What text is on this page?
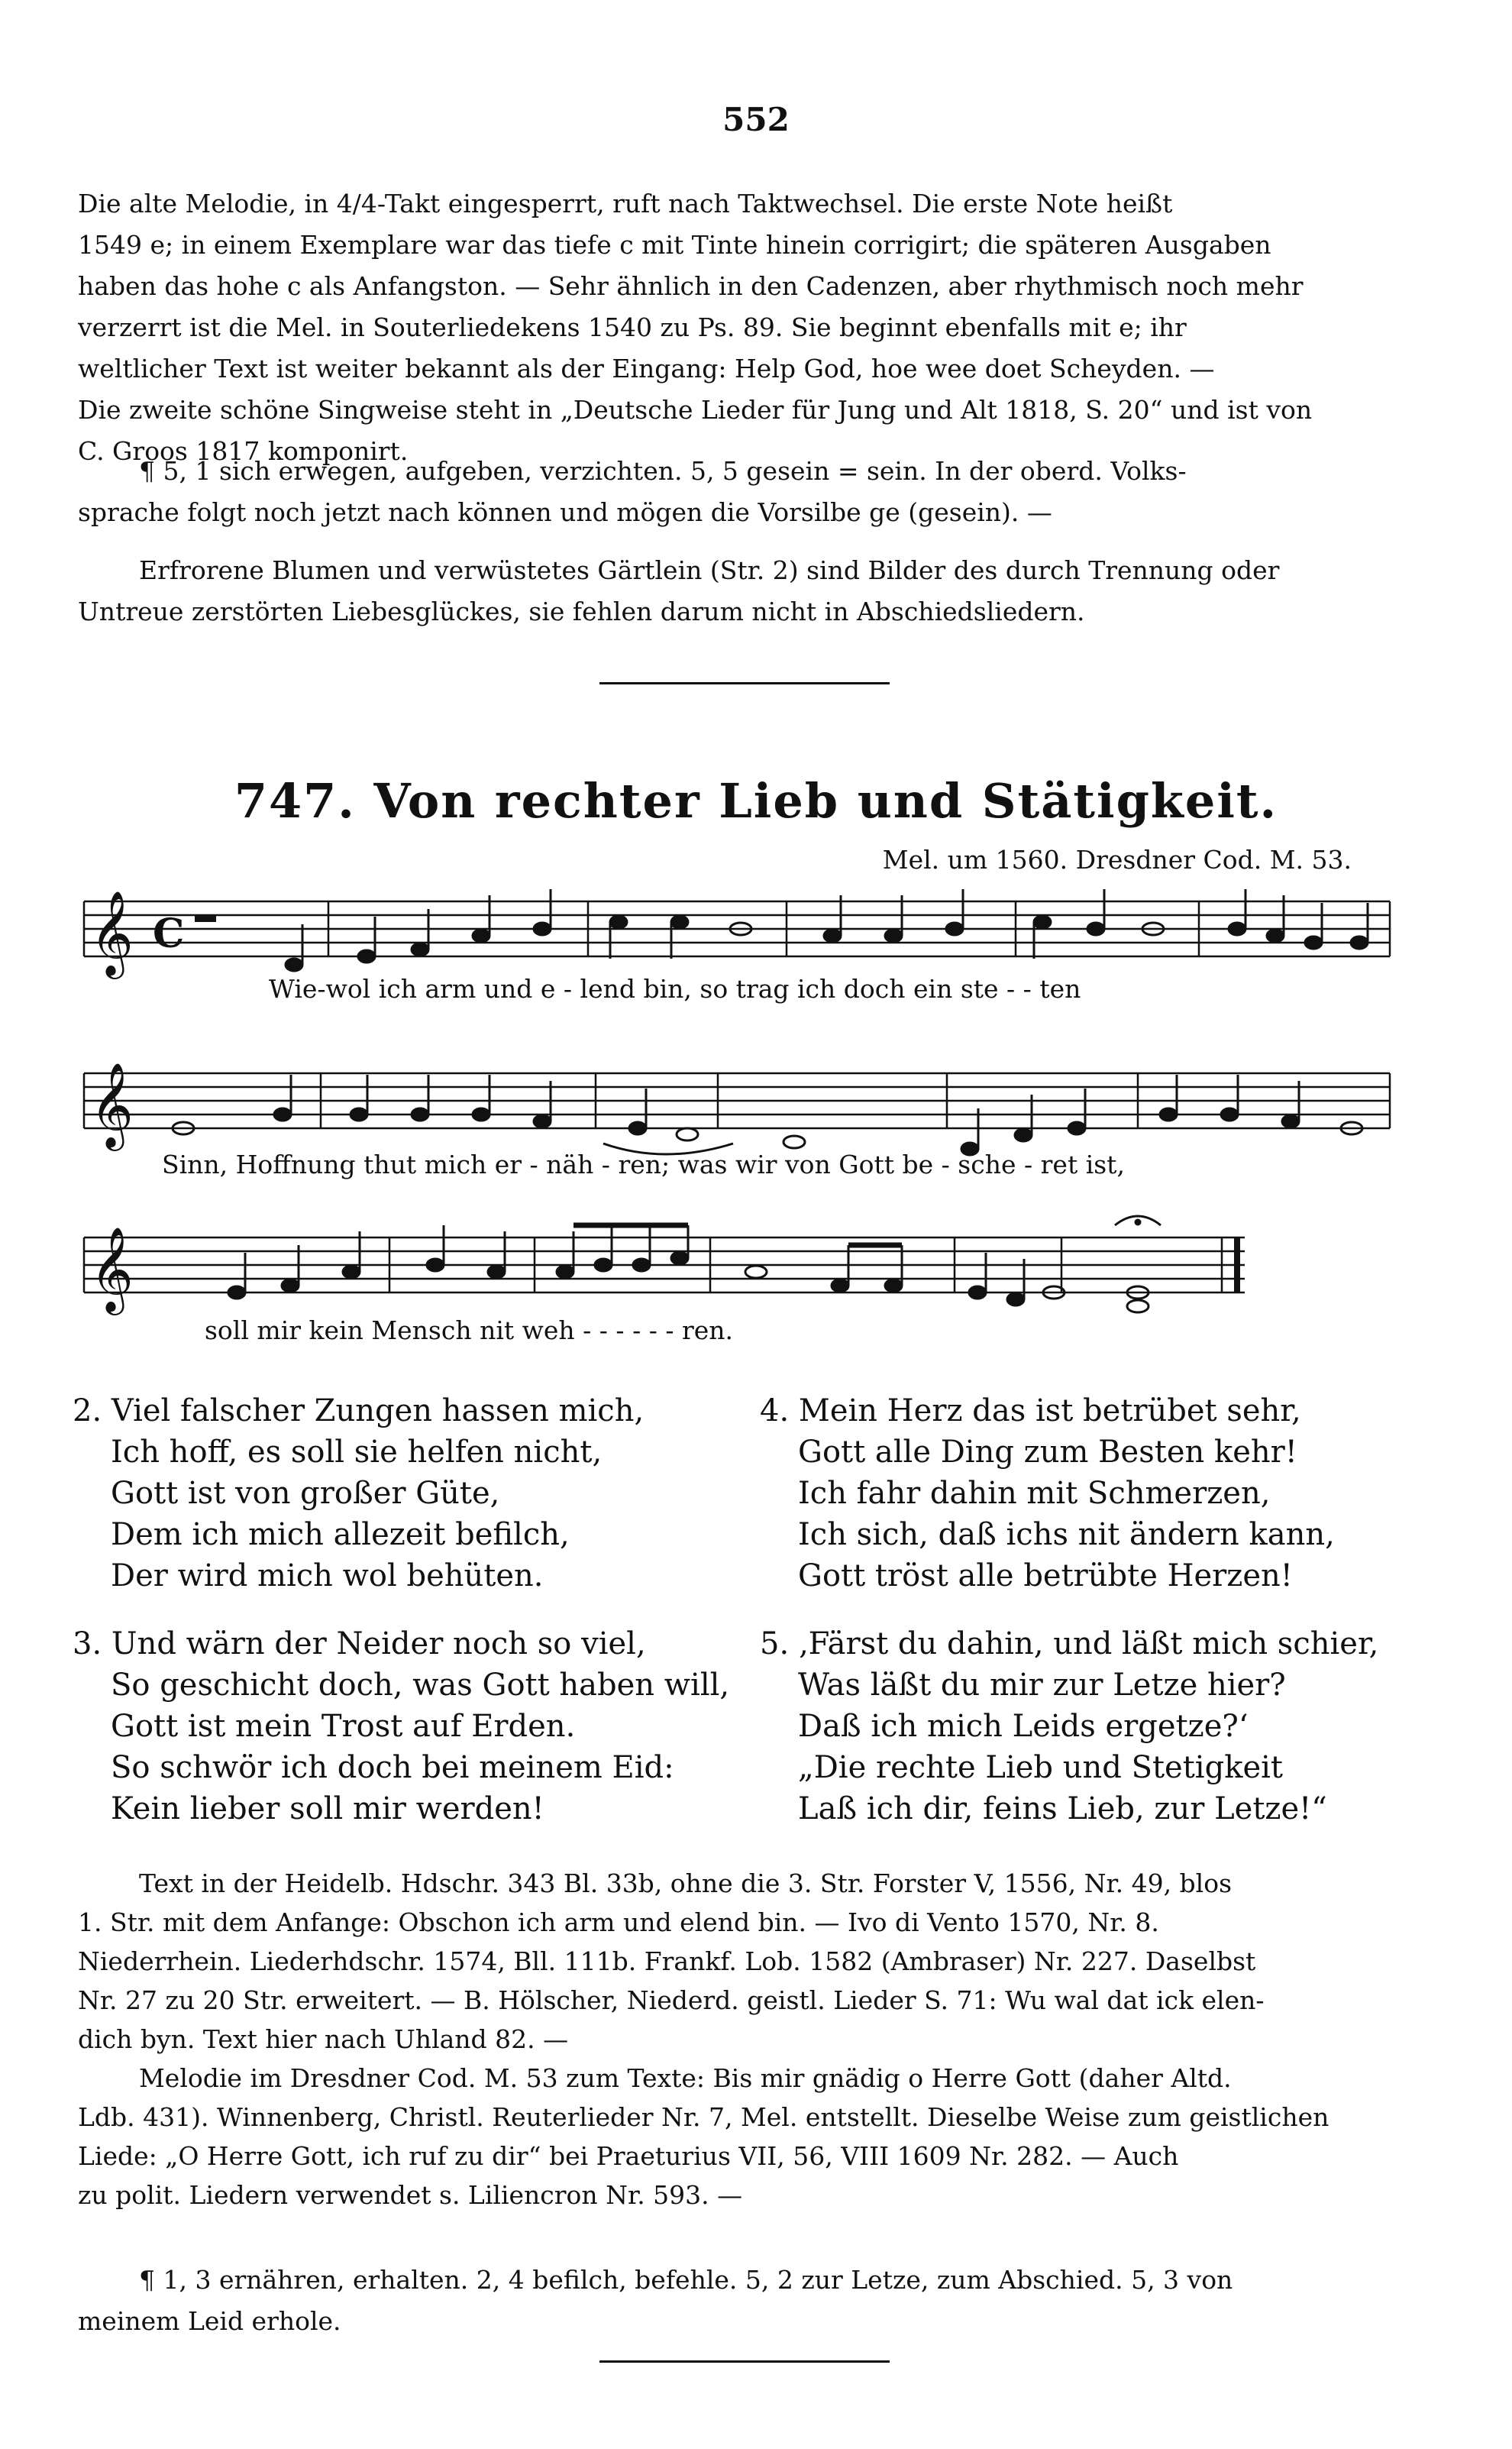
552
Die alte Melodie, in 4/4-Takt eingesperrt, ruft nach Taktwechsel. Die erste Note heißt
1549 e; in einem Exemplare war das tiefe c mit Tinte hinein corrigirt; die späteren Ausgaben
haben das hohe c als Anfangston. — Sehr ähnlich in den Cadenzen, aber rhythmisch noch mehr
verzerrt ist die Mel. in Souterliedekens 1540 zu Ps. 89. Sie beginnt ebenfalls mit e; ihr
weltlicher Text ist weiter bekannt als der Eingang: Help God, hoe wee doet Scheyden. —
Die zweite schöne Singweise steht in „Deutsche Lieder für Jung und Alt 1818, S. 20“ und ist von
C. Groos 1817 komponirt.
¶ 5, 1 sich erwegen, aufgeben, verzichten. 5, 5 gesein = sein. In der oberd. Volks-
sprache folgt noch jetzt nach können und mögen die Vorsilbe ge (gesein). —
Erfrorene Blumen und verwüstetes Gärtlein (Str. 2) sind Bilder des durch Trennung oder
Untreue zerstörten Liebesglückes, sie fehlen darum nicht in Abschiedsliedern.
747. Von rechter Lieb und Stätigkeit.
Mel. um 1560. Dresdner Cod. M. 53.
𝄞 C
Wie-wol ich arm und e - lend bin, so trag ich doch ein ste - - ten
𝄞
Sinn, Hoffnung thut mich er - näh - ren; was wir von Gott be - sche - ret ist,
𝄞
soll mir kein Mensch nit weh - - - - - - ren.
2. Viel falscher Zungen hassen mich,
Ich hoff, es soll sie helfen nicht,
Gott ist von großer Güte,
Dem ich mich allezeit befilch,
Der wird mich wol behüten.
3. Und wärn der Neider noch so viel,
So geschicht doch, was Gott haben will,
Gott ist mein Trost auf Erden.
So schwör ich doch bei meinem Eid:
Kein lieber soll mir werden!
4. Mein Herz das ist betrübet sehr,
Gott alle Ding zum Besten kehr!
Ich fahr dahin mit Schmerzen,
Ich sich, daß ichs nit ändern kann,
Gott tröst alle betrübte Herzen!
5. ‚Färst du dahin, und läßt mich schier,
Was läßt du mir zur Letze hier?
Daß ich mich Leids ergetze?‘
„Die rechte Lieb und Stetigkeit
Laß ich dir, feins Lieb, zur Letze!“
Text in der Heidelb. Hdschr. 343 Bl. 33b, ohne die 3. Str. Forster V, 1556, Nr. 49, blos
1. Str. mit dem Anfange: Obschon ich arm und elend bin. — Ivo di Vento 1570, Nr. 8.
Niederrhein. Liederhdschr. 1574, Bll. 111b. Frankf. Lob. 1582 (Ambraser) Nr. 227. Daselbst
Nr. 27 zu 20 Str. erweitert. — B. Hölscher, Niederd. geistl. Lieder S. 71: Wu wal dat ick elen-
dich byn. Text hier nach Uhland 82. —
Melodie im Dresdner Cod. M. 53 zum Texte: Bis mir gnädig o Herre Gott (daher Altd.
Ldb. 431). Winnenberg, Christl. Reuterlieder Nr. 7, Mel. entstellt. Dieselbe Weise zum geistlichen
Liede: „O Herre Gott, ich ruf zu dir“ bei Praeturius VII, 56, VIII 1609 Nr. 282. — Auch
zu polit. Liedern verwendet s. Liliencron Nr. 593. —
¶ 1, 3 ernähren, erhalten. 2, 4 befilch, befehle. 5, 2 zur Letze, zum Abschied. 5, 3 von
meinem Leid erhole.
